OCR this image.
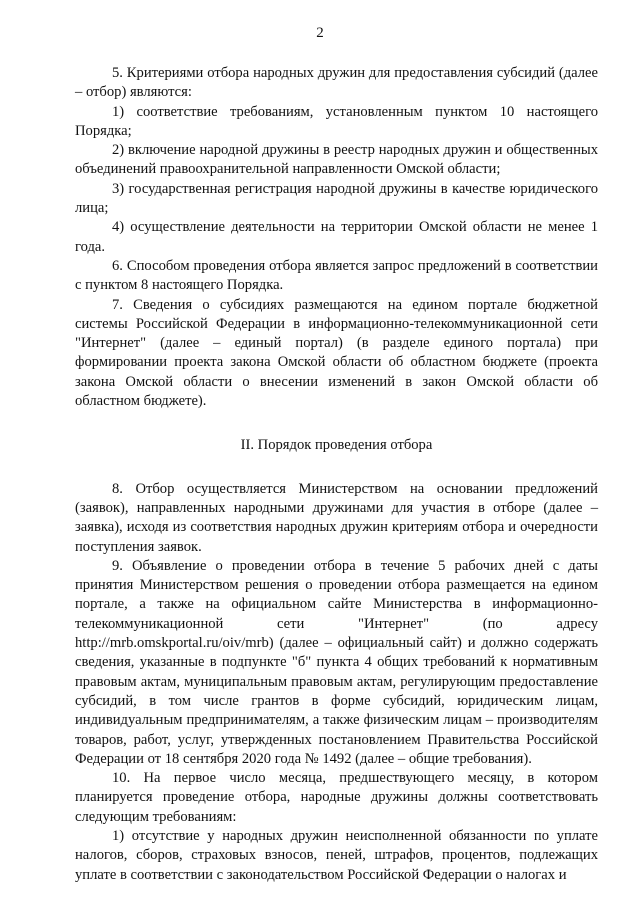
2

5. Критериями отбора народных дружин для предоставления субсидий (далее – отбор) являются:

1) соответствие требованиям, установленным пунктом 10 настоящего Порядка;

2) включение народной дружины в реестр народных дружин и общественных объединений правоохранительной направленности Омской области;

3) государственная регистрация народной дружины в качестве юридического лица;

4) осуществление деятельности на территории Омской области не менее 1 года.

6. Способом проведения отбора является запрос предложений в соответствии с пунктом 8 настоящего Порядка.

7. Сведения о субсидиях размещаются на едином портале бюджетной системы Российской Федерации в информационно-телекоммуникационной сети "Интернет" (далее – единый портал) (в разделе единого портала) при формировании проекта закона Омской области об областном бюджете (проекта закона Омской области о внесении изменений в закон Омской области об областном бюджете).

II. Порядок проведения отбора

8. Отбор осуществляется Министерством на основании предложений (заявок), направленных народными дружинами для участия в отборе (далее – заявка), исходя из соответствия народных дружин критериям отбора и очередности поступления заявок.

9. Объявление о проведении отбора в течение 5 рабочих дней с даты принятия Министерством решения о проведении отбора размещается на едином портале, а также на официальном сайте Министерства в информационно-телекоммуникационной сети "Интернет" (по адресу http://mrb.omskportal.ru/oiv/mrb) (далее – официальный сайт) и должно содержать сведения, указанные в подпункте "б" пункта 4 общих требований к нормативным правовым актам, муниципальным правовым актам, регулирующим предоставление субсидий, в том числе грантов в форме субсидий, юридическим лицам, индивидуальным предпринимателям, а также физическим лицам – производителям товаров, работ, услуг, утвержденных постановлением Правительства Российской Федерации от 18 сентября 2020 года № 1492 (далее – общие требования).

10. На первое число месяца, предшествующего месяцу, в котором планируется проведение отбора, народные дружины должны соответствовать следующим требованиям:

1) отсутствие у народных дружин неисполненной обязанности по уплате налогов, сборов, страховых взносов, пеней, штрафов, процентов, подлежащих уплате в соответствии с законодательством Российской Федерации о налогах и
